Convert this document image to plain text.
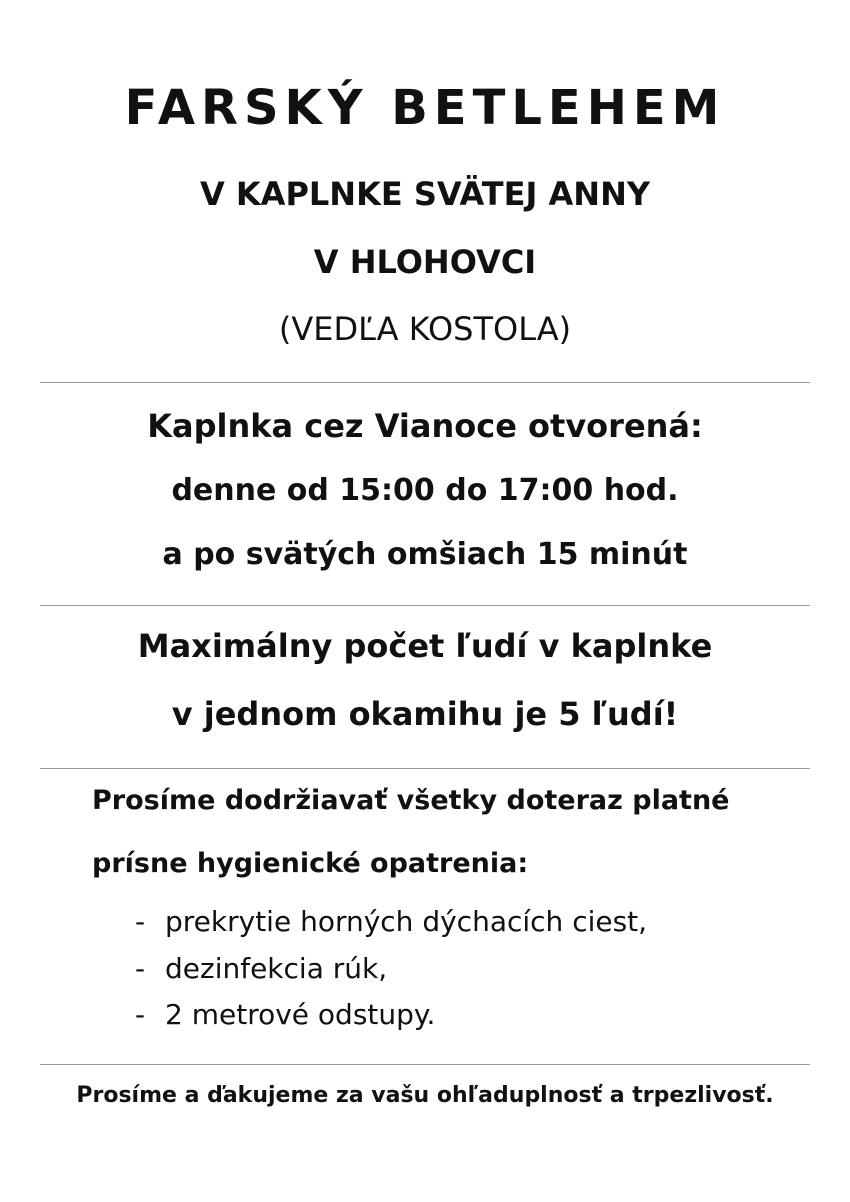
FARSKÝ BETLEHEM
V KAPLNKE SVÄTEJ ANNY
V HLOHOVCI
(VEDĽA KOSTOLA)
Kaplnka cez Vianoce otvorená:
denne od 15:00 do 17:00 hod.
a po svätých omšiach 15 minút
Maximálny počet ľudí v kaplnke
v jednom okamihu je 5 ľudí!
Prosíme dodržiavať všetky doteraz platné
prísne hygienické opatrenia:
- prekrytie horných dýchacích ciest,
- dezinfekcia rúk,
- 2 metrové odstupy.
Prosíme a ďakujeme za vašu ohľaduplnosť a trpezlivosť.
